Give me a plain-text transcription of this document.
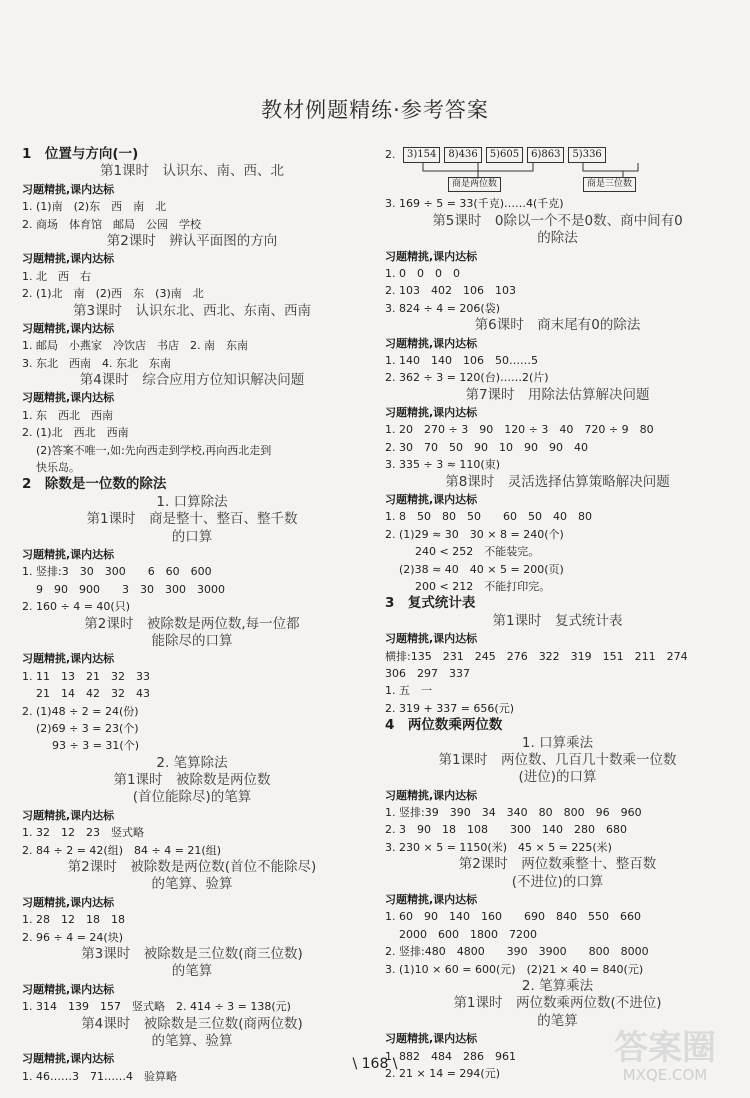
教材例题精练·参考答案
1　位置与方向(一)
第1课时　认识东、南、西、北
习题精挑,课内达标
1. (1)南　(2)东　西　南　北
2. 商场　体育馆　邮局　公园　学校
第2课时　辨认平面图的方向
习题精挑,课内达标
1. 北　西　右
2. (1)北　南　(2)西　东　(3)南　北
第3课时　认识东北、西北、东南、西南
习题精挑,课内达标
1. 邮局　小燕家　冷饮店　书店　2. 南　东南
3. 东北　西南　4. 东北　东南
第4课时　综合应用方位知识解决问题
习题精挑,课内达标
1. 东　西北　西南
2. (1)北　西北　西南
(2)答案不唯一,如:先向西走到学校,再向西北走到
快乐岛。
2　除数是一位数的除法
1. 口算除法
第1课时　商是整十、整百、整千数
的口算
习题精挑,课内达标
1. 竖排:3　30　300　　6　60　600
9　90　900　　3　30　300　3000
2. 160 ÷ 4 = 40(只)
第2课时　被除数是两位数,每一位都
能除尽的口算
习题精挑,课内达标
1. 11　13　21　32　33
21　14　42　32　43
2. (1)48 ÷ 2 = 24(份)
(2)69 ÷ 3 = 23(个)
93 ÷ 3 = 31(个)
2. 笔算除法
第1课时　被除数是两位数
(首位能除尽)的笔算
习题精挑,课内达标
1. 32　12　23　竖式略
2. 84 ÷ 2 = 42(组)　84 ÷ 4 = 21(组)
第2课时　被除数是两位数(首位不能除尽)
的笔算、验算
习题精挑,课内达标
1. 28　12　18　18
2. 96 ÷ 4 = 24(块)
第3课时　被除数是三位数(商三位数)
的笔算
习题精挑,课内达标
1. 314　139　157　竖式略　2. 414 ÷ 3 = 138(元)
第4课时　被除数是三位数(商两位数)
的笔算、验算
习题精挑,课内达标
1. 46……3　71……4　验算略
2.	3)154	8)436	5)605	6)863	5)336
商是两位数	商是三位数
3. 169 ÷ 5 = 33(千克)……4(千克)
第5课时　0除以一个不是0数、商中间有0
的除法
习题精挑,课内达标
1. 0　0　0　0
2. 103　402　106　103
3. 824 ÷ 4 = 206(袋)
第6课时　商末尾有0的除法
习题精挑,课内达标
1. 140　140　106　50……5
2. 362 ÷ 3 = 120(台)……2(片)
第7课时　用除法估算解决问题
习题精挑,课内达标
1. 20　270 ÷ 3　90　120 ÷ 3　40　720 ÷ 9　80
2. 30　70　50　90　10　90　90　40
3. 335 ÷ 3 ≈ 110(束)
第8课时　灵活选择估算策略解决问题
习题精挑,课内达标
1. 8　50　80　50　　60　50　40　80
2. (1)29 ≈ 30　30 × 8 = 240(个)
240 < 252　不能装完。
(2)38 ≈ 40　40 × 5 = 200(页)
200 < 212　不能打印完。
3　复式统计表
第1课时　复式统计表
习题精挑,课内达标
横排:135　231　245　276　322　319　151　211　274
306　297　337
1. 五　一
2. 319 + 337 = 656(元)
4　两位数乘两位数
1. 口算乘法
第1课时　两位数、几百几十数乘一位数
(进位)的口算
习题精挑,课内达标
1. 竖排:39　390　34　340　80　800　96　960
2. 3　90　18　108　　300　140　280　680
3. 230 × 5 = 1150(米)　45 × 5 = 225(米)
第2课时　两位数乘整十、整百数
(不进位)的口算
习题精挑,课内达标
1. 60　90　140　160　　690　840　550　660
2000　600　1800　7200
2. 竖排:480　4800　　390　3900　　800　8000
3. (1)10 × 60 = 600(元)　(2)21 × 40 = 840(元)
2. 笔算乘法
第1课时　两位数乘两位数(不进位)
的笔算
习题精挑,课内达标
1. 882　484　286　961
2. 21 × 14 = 294(元)
\ 168 \	答案圈
MXQE.COM
